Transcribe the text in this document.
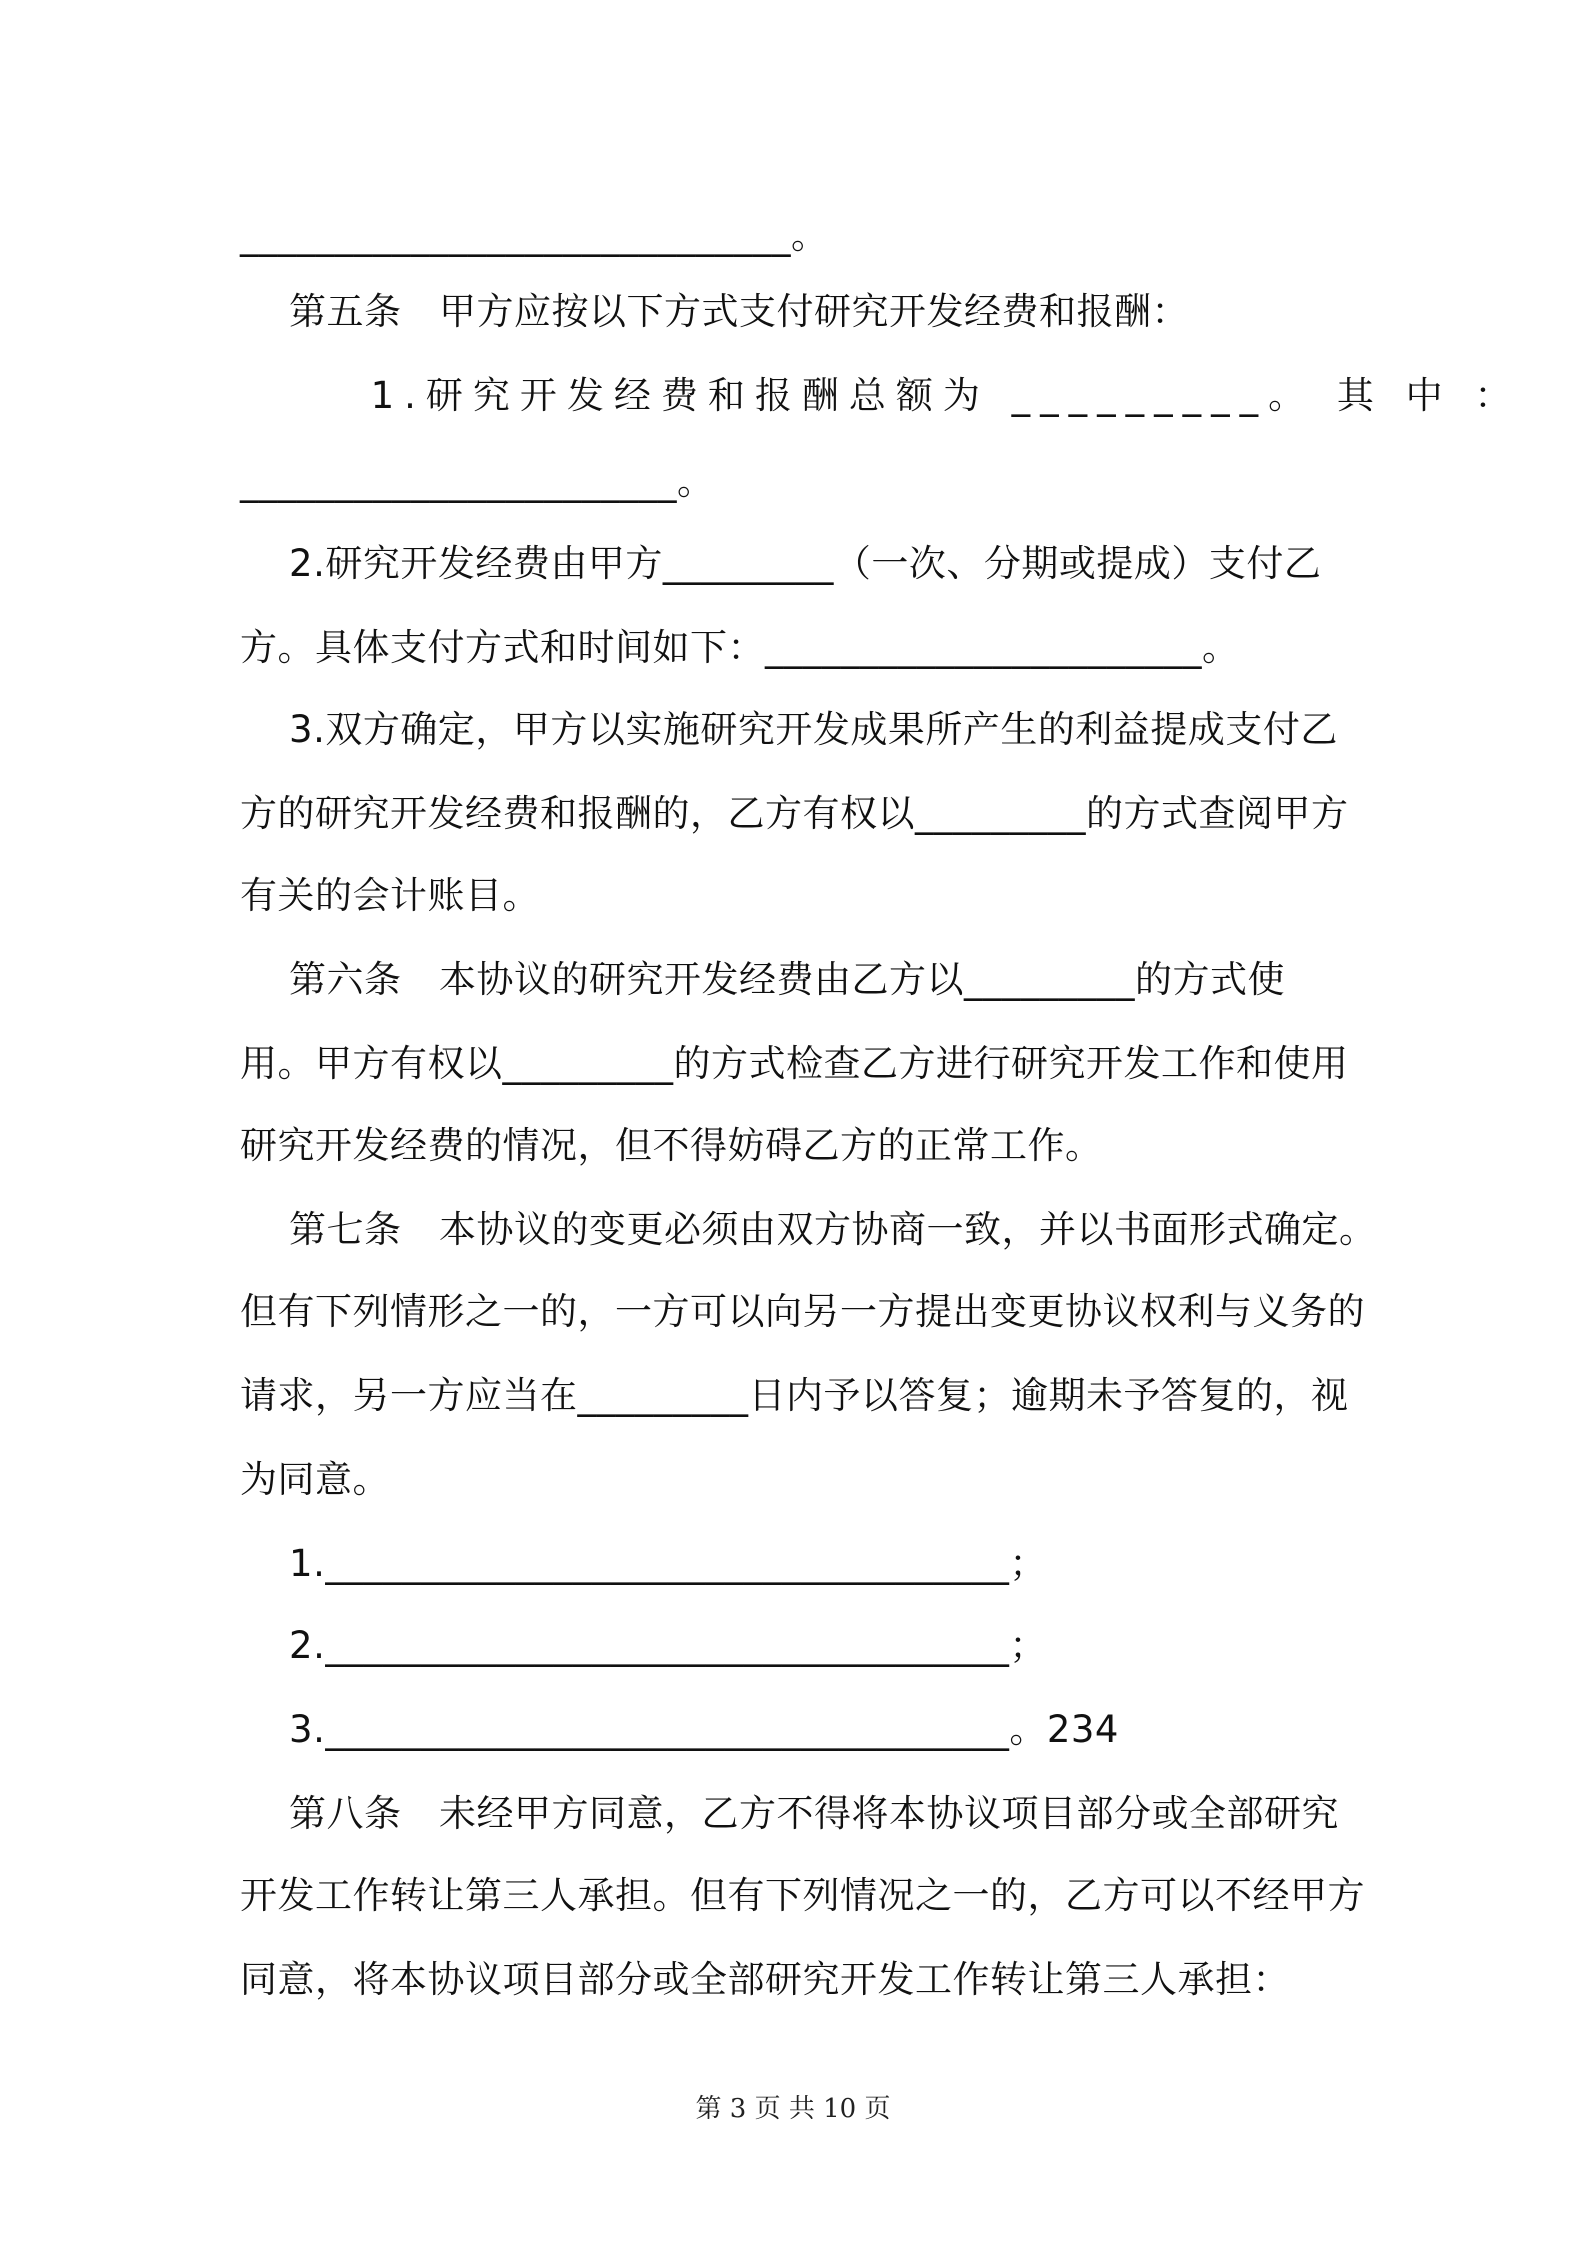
_____________________________。
第五条　甲方应按以下方式支付研究开发经费和报酬：
1.研究开发经费和报酬总额为 _________。 其 中 ：
_______________________。
2.研究开发经费由甲方_________（一次、分期或提成）支付乙
方。具体支付方式和时间如下：_______________________。
3.双方确定，甲方以实施研究开发成果所产生的利益提成支付乙
方的研究开发经费和报酬的，乙方有权以_________的方式查阅甲方
有关的会计账目。
第六条　本协议的研究开发经费由乙方以_________的方式使
用。甲方有权以_________的方式检查乙方进行研究开发工作和使用
研究开发经费的情况，但不得妨碍乙方的正常工作。
第七条　本协议的变更必须由双方协商一致，并以书面形式确定。
但有下列情形之一的，一方可以向另一方提出变更协议权利与义务的
请求，另一方应当在_________日内予以答复；逾期未予答复的，视
为同意。
1.____________________________________；
2.____________________________________；
3.____________________________________。234
第八条　未经甲方同意，乙方不得将本协议项目部分或全部研究
开发工作转让第三人承担。但有下列情况之一的，乙方可以不经甲方
同意，将本协议项目部分或全部研究开发工作转让第三人承担：
第 3 页 共 10 页
